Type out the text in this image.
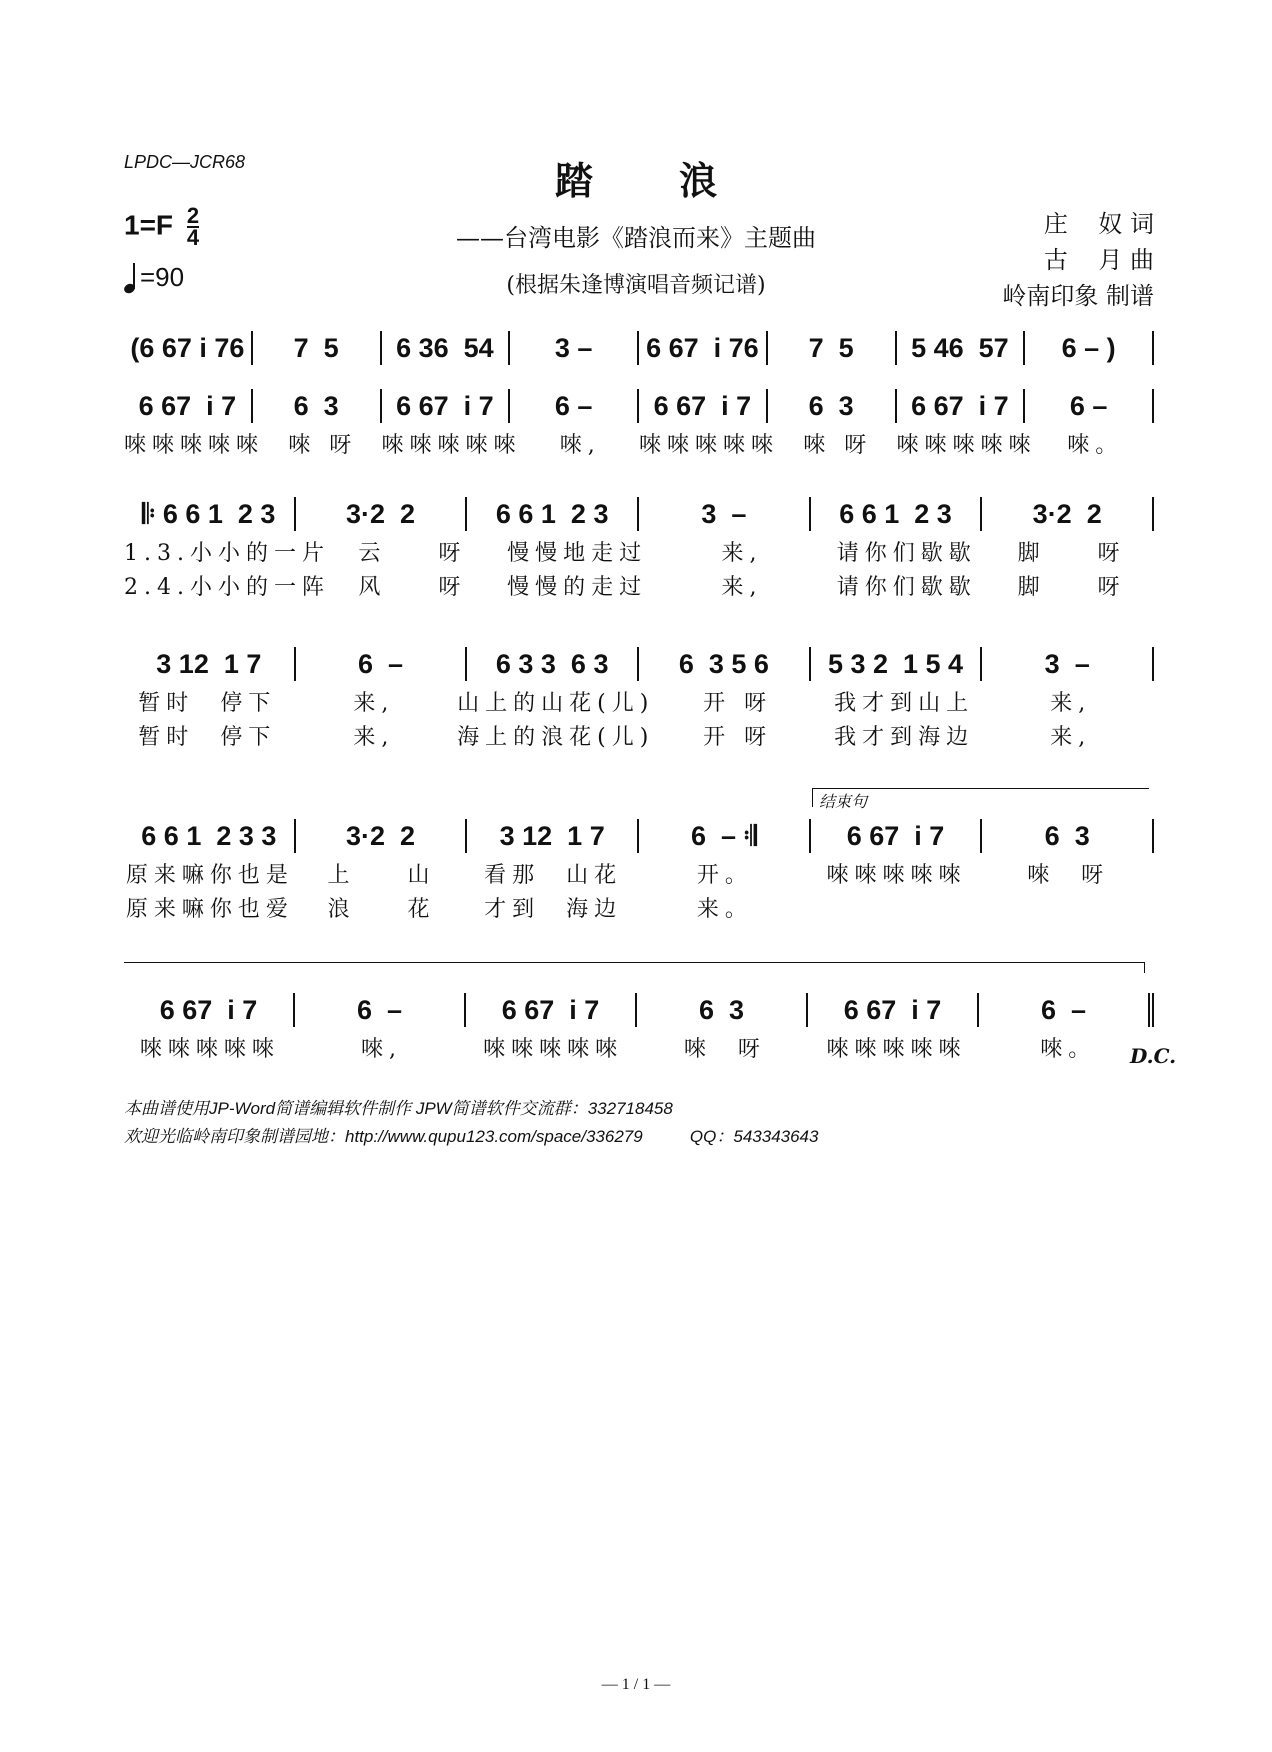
LPDC—JCR68	踏浪
$1=F \frac{2}{4}$
=90
——台湾电影《踏浪而来》主题曲
(根据朱逢博演唱音频记谱)
庄    奴 词
古    月 曲
岭南印象 制谱
(6 67 i 76	7  5	6 36  54	3 –	6 67  i 76	7  5	5 46  57	6 – )
6 67  i 7	6  3	6 67  i 7	6 –	6 67  i 7	6  3	6 67  i 7	6 –
唻唻唻唻唻	唻 呀	唻唻唻唻唻	唻,	唻唻唻唻唻	唻 呀	唻唻唻唻唻	唻。
𝄆 6 6 1  2 3	3·2  2	6 6 1  2 3	3  –	6 6 1  2 3	3·2  2
1.3.小小的一片	云    呀	慢慢地走过	来,	请你们歇歇	脚    呀
2.4.小小的一阵	风    呀	慢慢的走过	来,	请你们歇歇	脚    呀
3 12  1 7	6  –	6 3 3  6 3	6  3 5 6	5 3 2  1 5 4	3  –
暂时  停下	来,	山上的山花(儿)	开 呀	我才到山上	来,
暂时  停下	来,	海上的浪花(儿)	开 呀	我才到海边	来,
结束句
6 6 1  2 3 3	3·2  2	3 12  1 7	6  – 𝄇	6 67  i 7	6  3
原来嘛你也是	上    山	看那  山花	开。	唻唻唻唻唻	唻  呀
原来嘛你也爱	浪    花	才到  海边	来。
6 67  i 7	6  –	6 67  i 7	6  3	6 67  i 7	6  –
唻唻唻唻唻	唻,	唻唻唻唻唻	唻  呀	唻唻唻唻唻	唻。	D.C.
本曲谱使用JP-Word简谱编辑软件制作 JPW简谱软件交流群：332718458
欢迎光临岭南印象制谱园地：http://www.qupu123.com/space/336279          QQ：543343643
— 1 / 1 —
